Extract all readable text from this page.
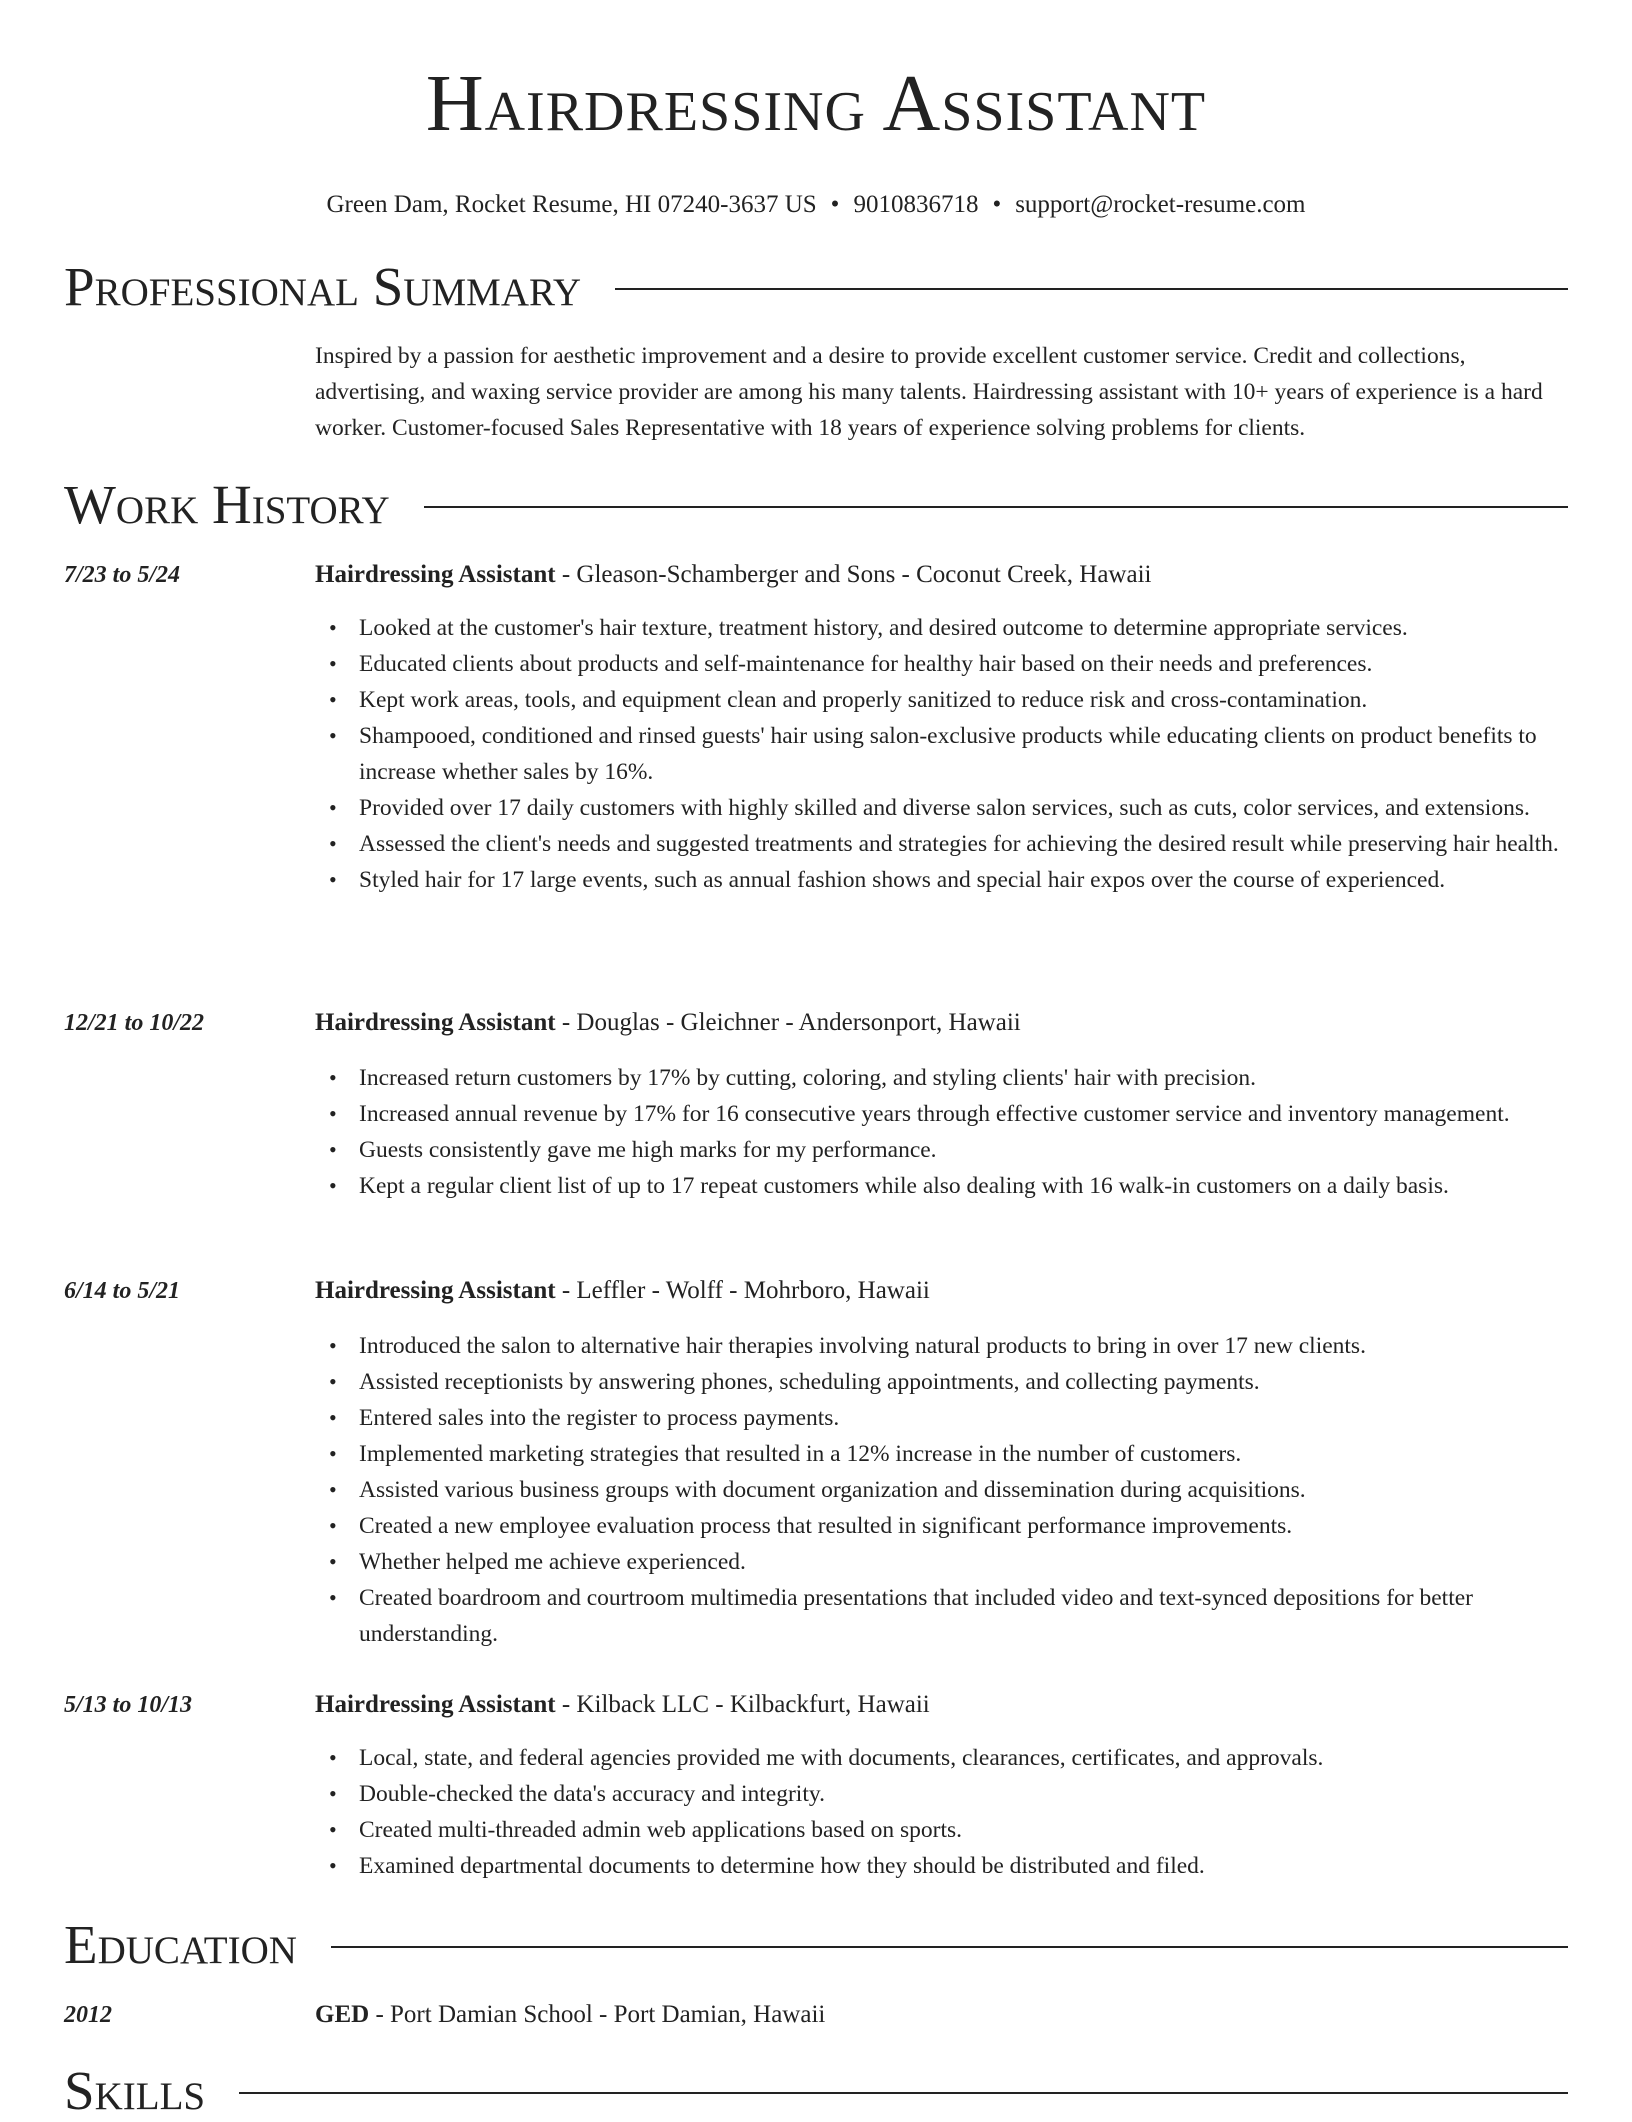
Hairdressing Assistant
Green Dam, Rocket Resume, HI 07240-3637 US • 9010836718 • support@rocket-resume.com
Professional Summary

Inspired by a passion for aesthetic improvement and a desire to provide excellent customer service. Credit and collections, advertising, and waxing service provider are among his many talents. Hairdressing assistant with 10+ years of experience is a hard worker. Customer-focused Sales Representative with 18 years of experience solving problems for clients.

Work History
7/23 to 5/24	Hairdressing Assistant - Gleason-Schamberger and Sons - Coconut Creek, Hawaii
• Looked at the customer's hair texture, treatment history, and desired outcome to determine appropriate services.
• Educated clients about products and self-maintenance for healthy hair based on their needs and preferences.
• Kept work areas, tools, and equipment clean and properly sanitized to reduce risk and cross-contamination.
• Shampooed, conditioned and rinsed guests' hair using salon-exclusive products while educating clients on product benefits to increase whether sales by 16%.
• Provided over 17 daily customers with highly skilled and diverse salon services, such as cuts, color services, and extensions.
• Assessed the client's needs and suggested treatments and strategies for achieving the desired result while preserving hair health.
• Styled hair for 17 large events, such as annual fashion shows and special hair expos over the course of experienced.
12/21 to 10/22	Hairdressing Assistant - Douglas - Gleichner - Andersonport, Hawaii
• Increased return customers by 17% by cutting, coloring, and styling clients' hair with precision.
• Increased annual revenue by 17% for 16 consecutive years through effective customer service and inventory management.
• Guests consistently gave me high marks for my performance.
• Kept a regular client list of up to 17 repeat customers while also dealing with 16 walk-in customers on a daily basis.
6/14 to 5/21	Hairdressing Assistant - Leffler - Wolff - Mohrboro, Hawaii
• Introduced the salon to alternative hair therapies involving natural products to bring in over 17 new clients.
• Assisted receptionists by answering phones, scheduling appointments, and collecting payments.
• Entered sales into the register to process payments.
• Implemented marketing strategies that resulted in a 12% increase in the number of customers.
• Assisted various business groups with document organization and dissemination during acquisitions.
• Created a new employee evaluation process that resulted in significant performance improvements.
• Whether helped me achieve experienced.
• Created boardroom and courtroom multimedia presentations that included video and text-synced depositions for better understanding.
5/13 to 10/13	Hairdressing Assistant - Kilback LLC - Kilbackfurt, Hawaii
• Local, state, and federal agencies provided me with documents, clearances, certificates, and approvals.
• Double-checked the data's accuracy and integrity.
• Created multi-threaded admin web applications based on sports.
• Examined departmental documents to determine how they should be distributed and filed.
Education
2012	GED - Port Damian School - Port Damian, Hawaii
Skills
